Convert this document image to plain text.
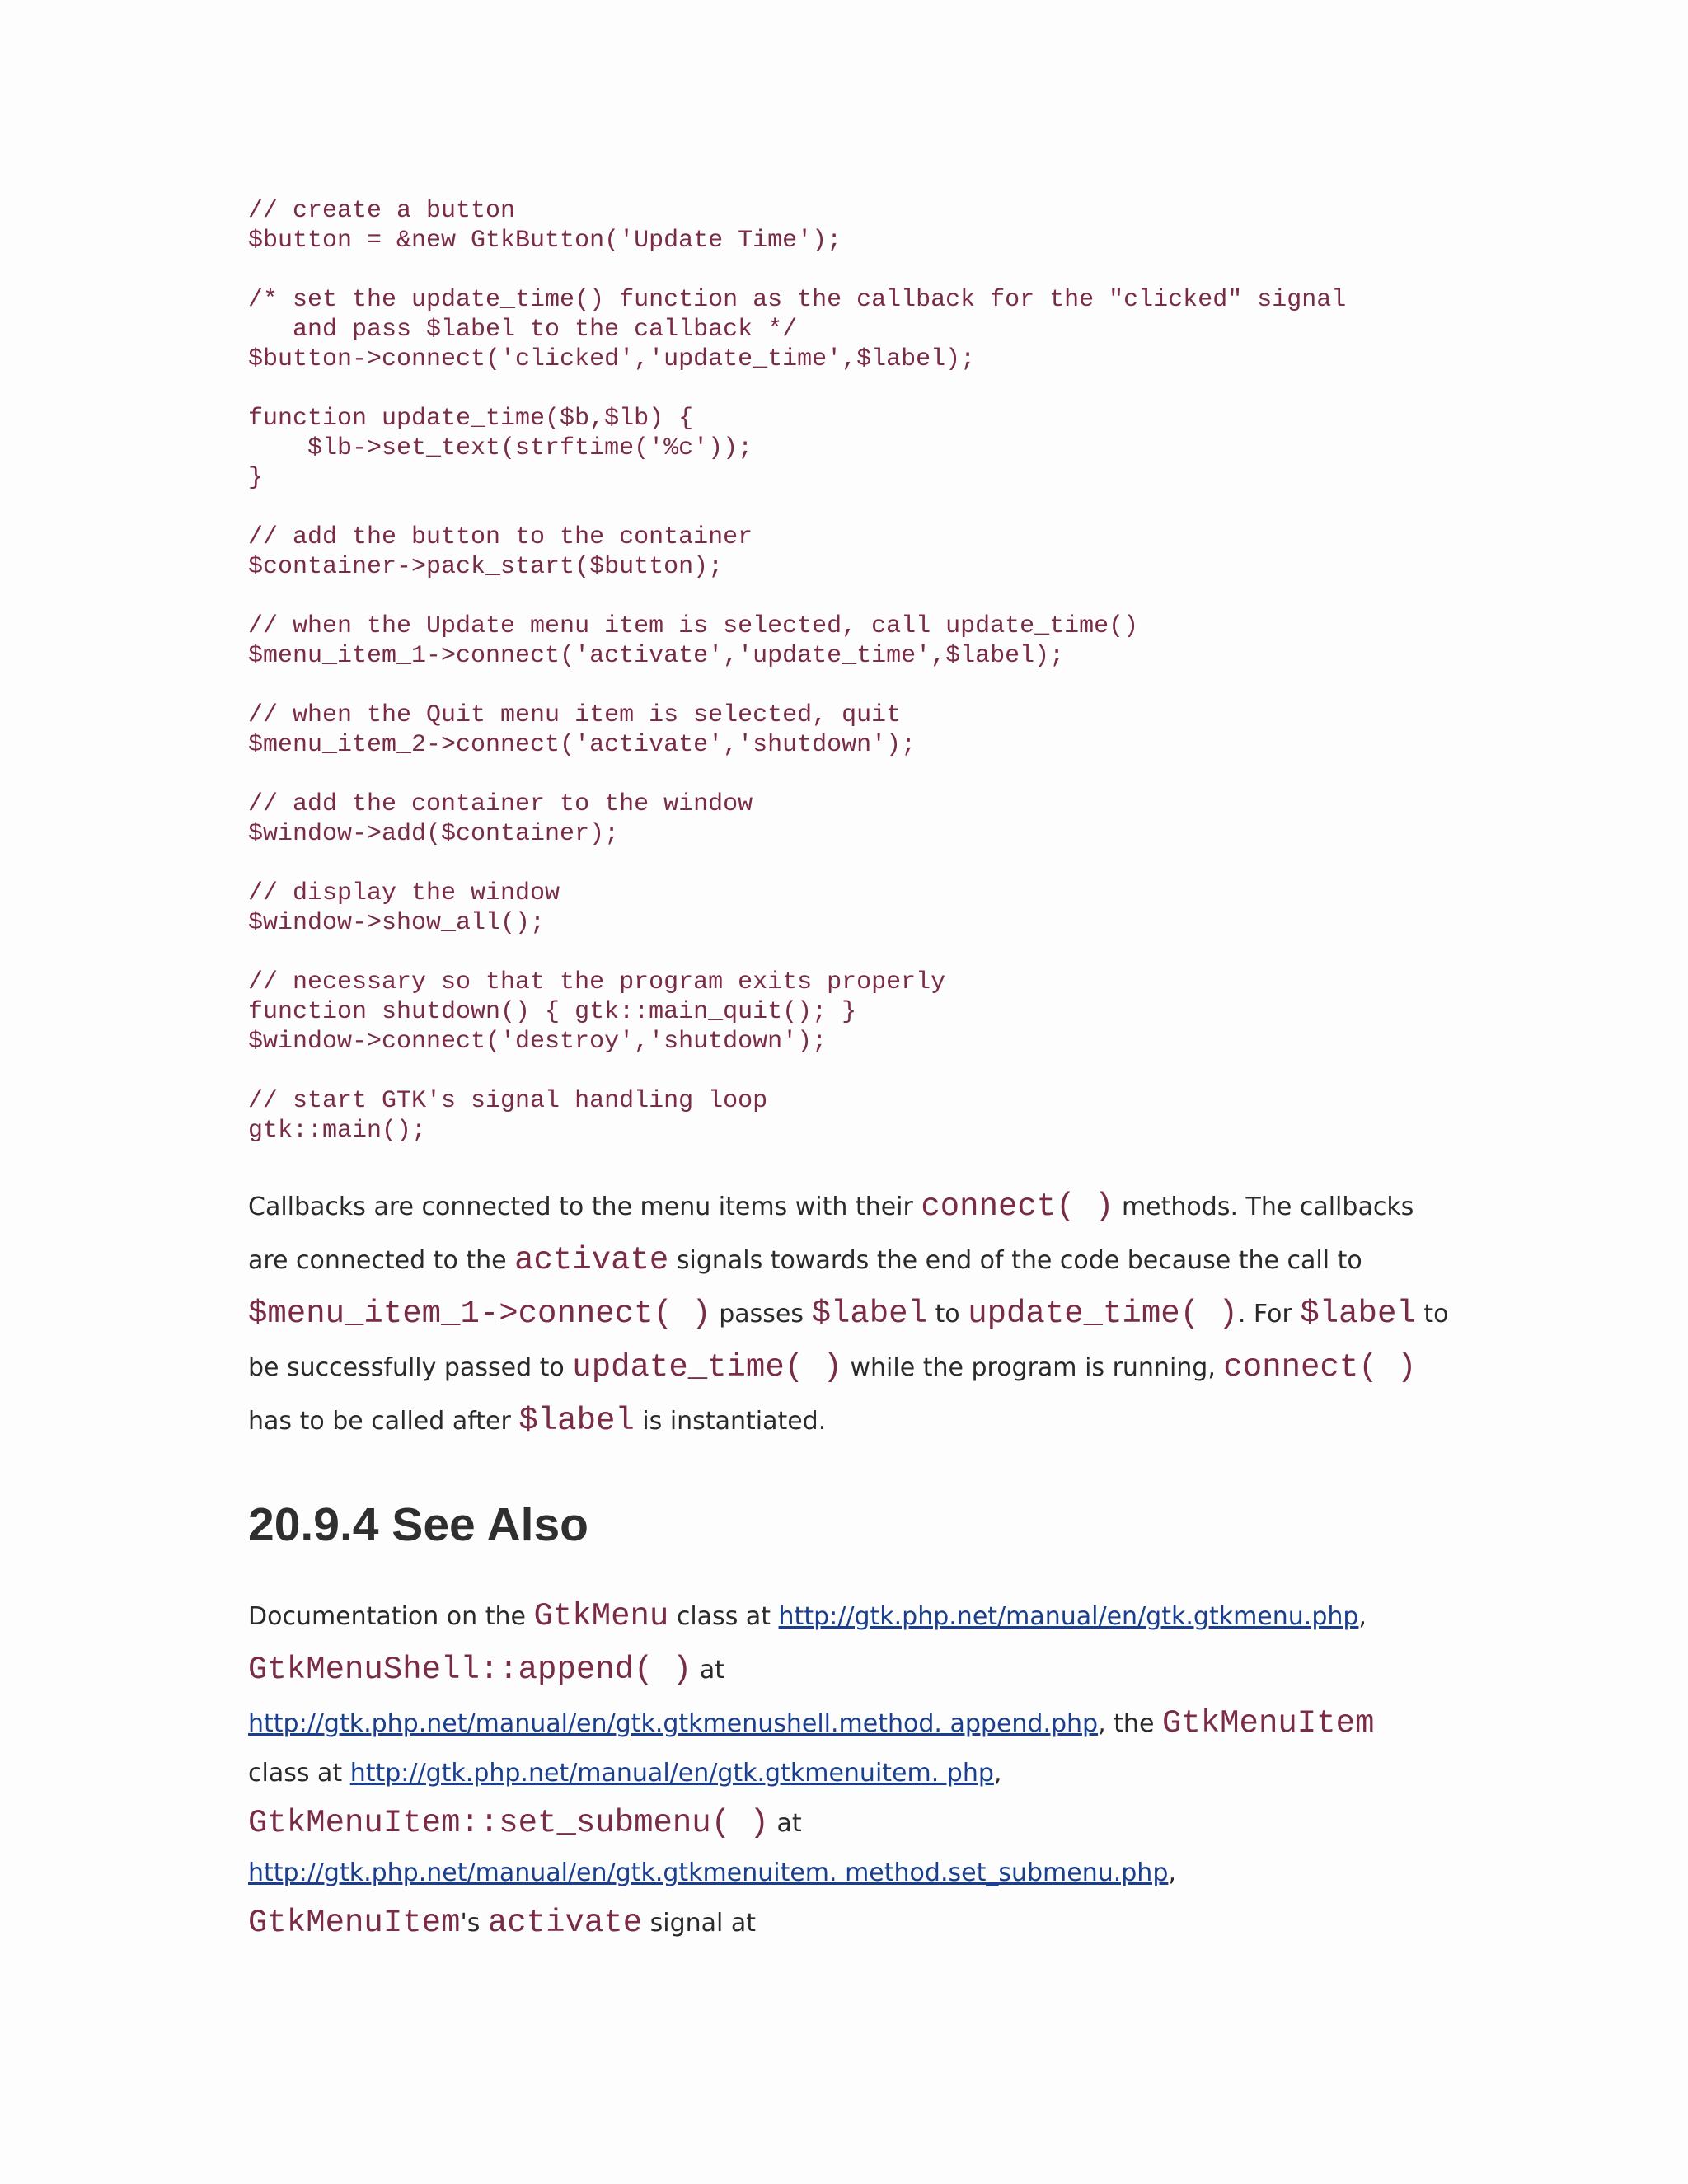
// create a button
$button = &new GtkButton('Update Time');
/* set the update_time() function as the callback for the "clicked" signal
and pass $label to the callback */
$button->connect('clicked','update_time',$label);
function update_time($b,$lb) {
$lb->set_text(strftime('%c'));
}
// add the button to the container
$container->pack_start($button);
// when the Update menu item is selected, call update_time()
$menu_item_1->connect('activate','update_time',$label);
// when the Quit menu item is selected, quit
$menu_item_2->connect('activate','shutdown');
// add the container to the window
$window->add($container);
// display the window
$window->show_all();
// necessary so that the program exits properly
function shutdown() { gtk::main_quit(); }
$window->connect('destroy','shutdown');
// start GTK's signal handling loop
gtk::main();

Callbacks are connected to the menu items with their connect( ) methods. The callbacks are connected to the activate signals towards the end of the code because the call to $menu_item_1->connect( ) passes $label to update_time( ). For $label to be successfully passed to update_time( ) while the program is running, connect( ) has to be called after $label is instantiated.

20.9.4 See Also
Documentation on the GtkMenu class at http://gtk.php.net/manual/en/gtk.gtkmenu.php,
GtkMenuShell::append( ) at
http://gtk.php.net/manual/en/gtk.gtkmenushell.method. append.php, the GtkMenuItem
class at http://gtk.php.net/manual/en/gtk.gtkmenuitem. php,
GtkMenuItem::set_submenu( ) at
http://gtk.php.net/manual/en/gtk.gtkmenuitem. method.set_submenu.php,
GtkMenuItem's activate signal at
